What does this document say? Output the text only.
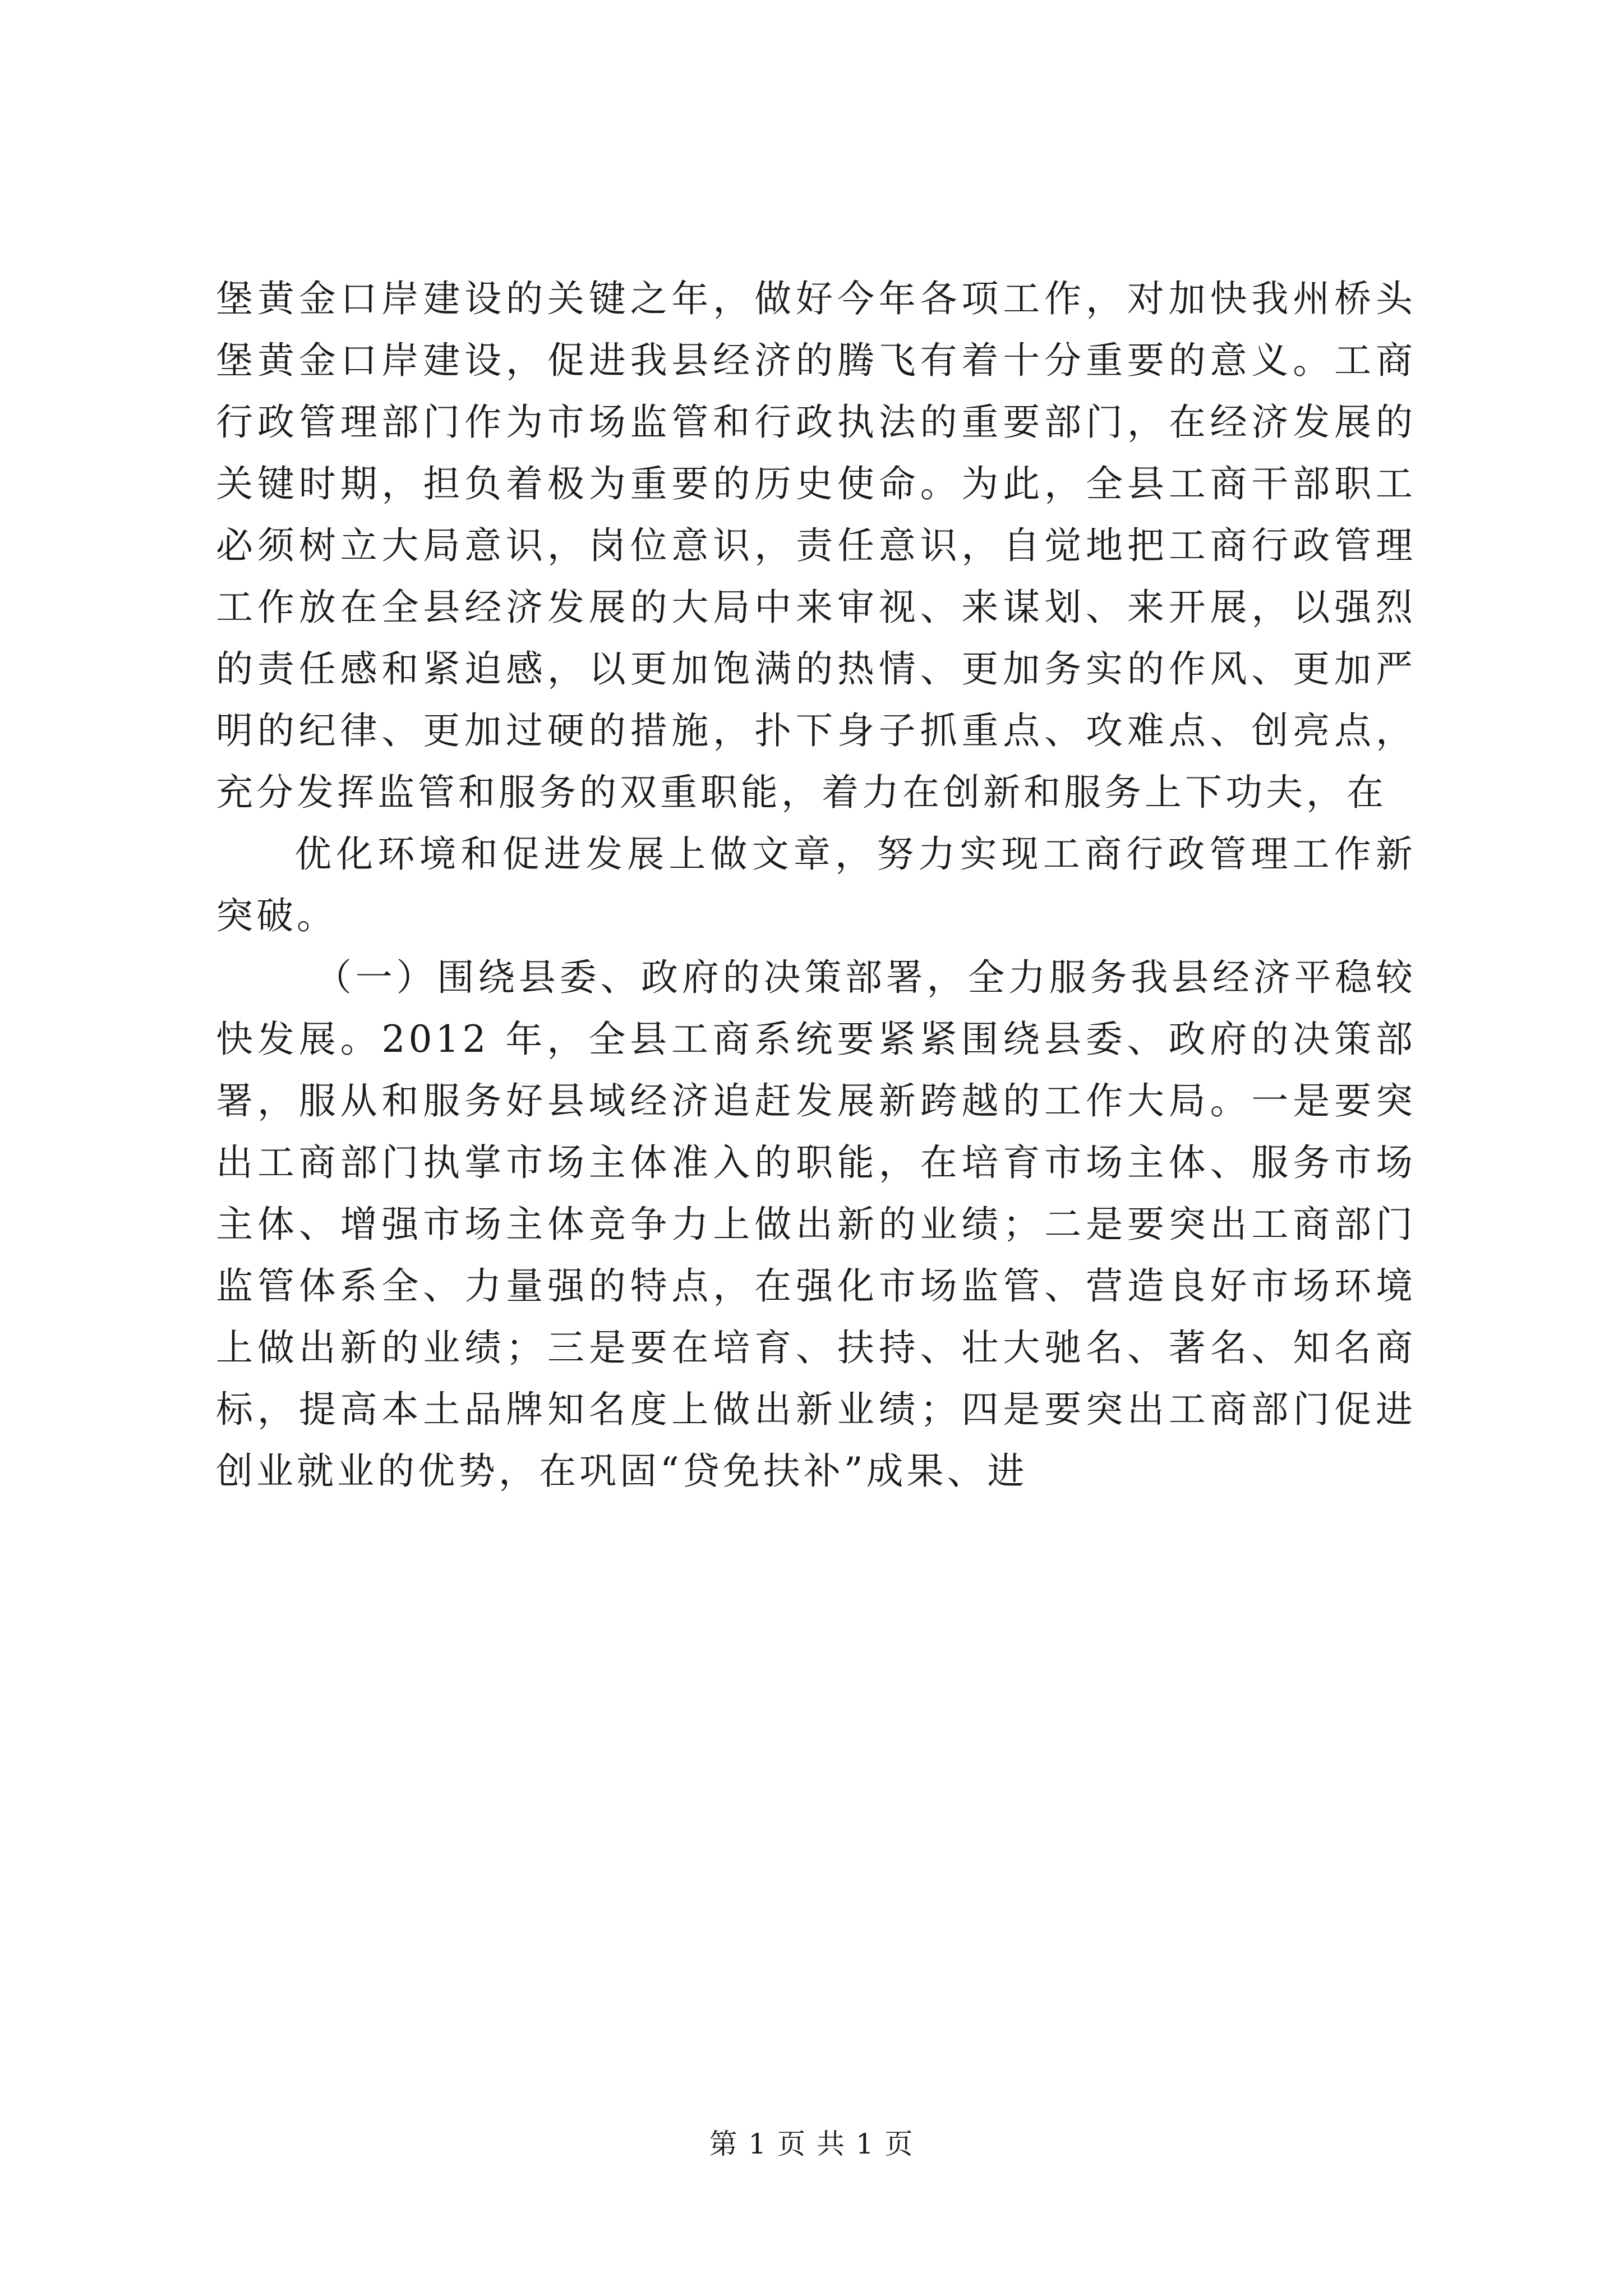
堡黄金口岸建设的关键之年，做好今年各项工作，对加快我州桥头堡黄金口岸建设，促进我县经济的腾飞有着十分重要的意义。工商行政管理部门作为市场监管和行政执法的重要部门，在经济发展的关键时期，担负着极为重要的历史使命。为此，全县工商干部职工必须树立大局意识，岗位意识，责任意识，自觉地把工商行政管理工作放在全县经济发展的大局中来审视、来谋划、来开展，以强烈的责任感和紧迫感，以更加饱满的热情、更加务实的作风、更加严明的纪律、更加过硬的措施，扑下身子抓重点、攻难点、创亮点，充分发挥监管和服务的双重职能，着力在创新和服务上下功夫，在

优化环境和促进发展上做文章，努力实现工商行政管理工作新突破。

（一）围绕县委、政府的决策部署，全力服务我县经济平稳较快发展。2012 年，全县工商系统要紧紧围绕县委、政府的决策部署，服从和服务好县域经济追赶发展新跨越的工作大局。一是要突出工商部门执掌市场主体准入的职能，在培育市场主体、服务市场主体、增强市场主体竞争力上做出新的业绩；二是要突出工商部门监管体系全、力量强的特点，在强化市场监管、营造良好市场环境上做出新的业绩；三是要在培育、扶持、壮大驰名、著名、知名商标，提高本土品牌知名度上做出新业绩；四是要突出工商部门促进创业就业的优势，在巩固“贷免扶补”成果、进

第 1 页 共 1 页
